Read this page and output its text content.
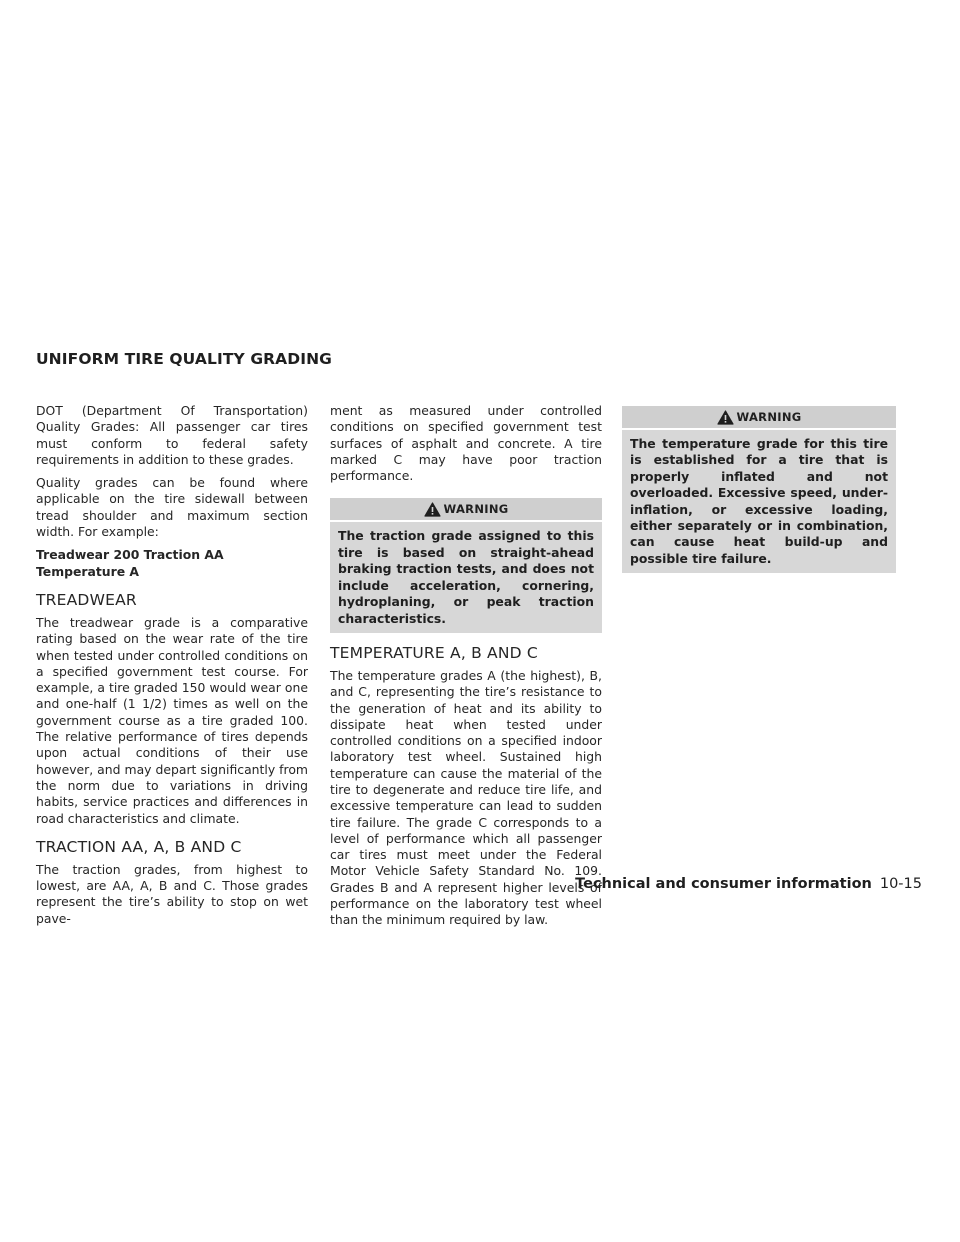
UNIFORM TIRE QUALITY GRADING

DOT (Department Of Transportation) Quality Grades: All passenger car tires must conform to federal safety requirements in addition to these grades.

Quality grades can be found where applicable on the tire sidewall between tread shoulder and maximum section width. For example:

Treadwear 200 Traction AA Temperature A

TREADWEAR

The treadwear grade is a comparative rating based on the wear rate of the tire when tested under controlled conditions on a specified government test course. For example, a tire graded 150 would wear one and one-half (1 1/2) times as well on the government course as a tire graded 100. The relative performance of tires depends upon actual conditions of their use however, and may depart significantly from the norm due to variations in driving habits, service practices and differences in road characteristics and climate.

TRACTION AA, A, B AND C

The traction grades, from highest to lowest, are AA, A, B and C. Those grades represent the tire’s ability to stop on wet pave-

ment as measured under controlled conditions on specified government test surfaces of asphalt and concrete. A tire marked C may have poor traction performance.

WARNING

The traction grade assigned to this tire is based on straight-ahead braking traction tests, and does not include acceleration, cornering, hydroplaning, or peak traction characteristics.

TEMPERATURE A, B AND C

The temperature grades A (the highest), B, and C, representing the tire’s resistance to the generation of heat and its ability to dissipate heat when tested under controlled conditions on a specified indoor laboratory test wheel. Sustained high temperature can cause the material of the tire to degenerate and reduce tire life, and excessive temperature can lead to sudden tire failure. The grade C corresponds to a level of performance which all passenger car tires must meet under the Federal Motor Vehicle Safety Standard No. 109. Grades B and A represent higher levels of performance on the laboratory test wheel than the minimum required by law.

WARNING

The temperature grade for this tire is established for a tire that is properly inflated and not overloaded. Excessive speed, under-inflation, or excessive loading, either separately or in combination, can cause heat build-up and possible tire failure.

Technical and consumer information 10-15
